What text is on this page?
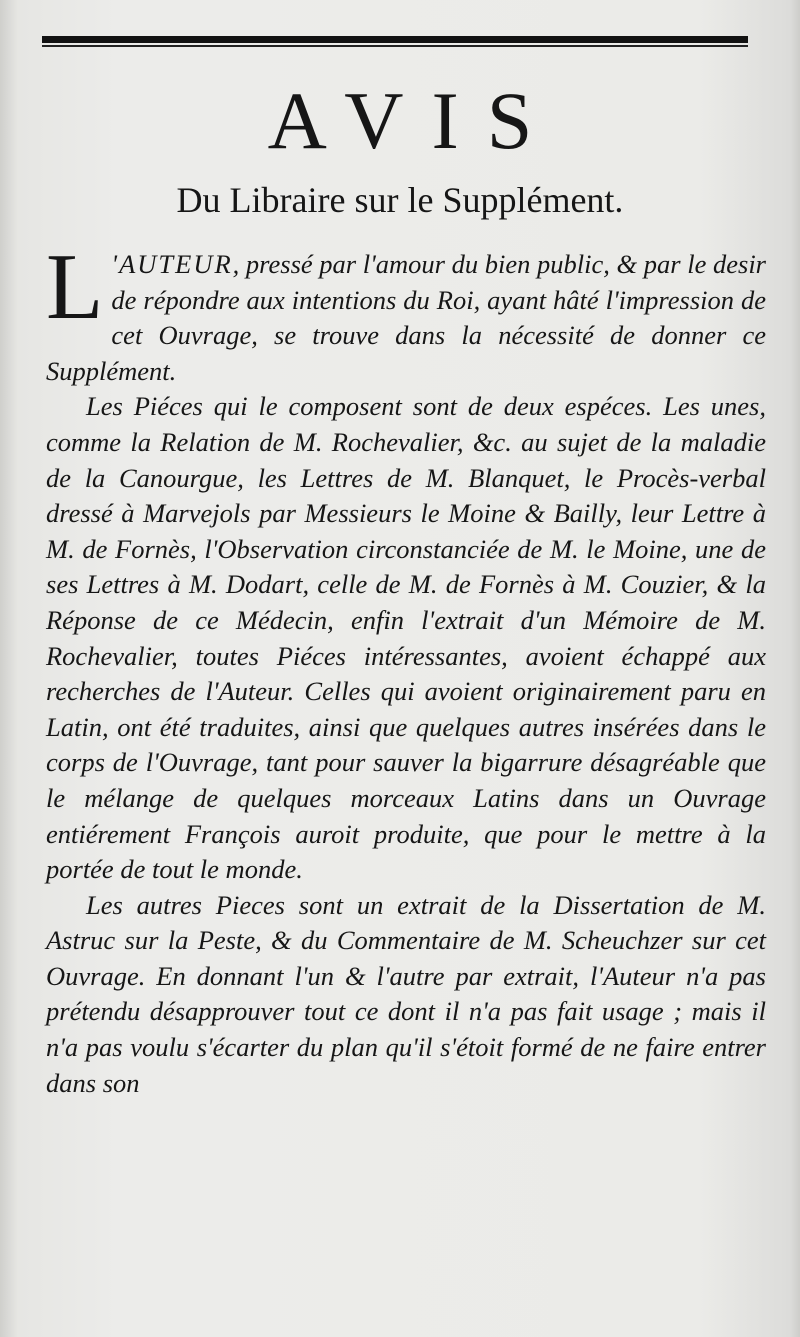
AVIS
Du Libraire sur le Supplément.

L 'AUTEUR, pressé par l'amour du bien public, & par le desir de répondre aux intentions du Roi, ayant hâté l'impression de cet Ouvrage, se trouve dans la nécessité de donner ce Supplément.

Les Piéces qui le composent sont de deux espéces. Les unes, comme la Relation de M. Rochevalier, &c. au sujet de la maladie de la Canourgue, les Lettres de M. Blanquet, le Procès-verbal dressé à Marvejols par Messieurs le Moine & Bailly, leur Lettre à M. de Fornès, l'Observation circonstanciée de M. le Moine, une de ses Lettres à M. Dodart, celle de M. de Fornès à M. Couzier, & la Réponse de ce Médecin, enfin l'extrait d'un Mémoire de M. Rochevalier, toutes Piéces intéressantes, avoient échappé aux recherches de l'Auteur. Celles qui avoient originairement paru en Latin, ont été traduites, ainsi que quelques autres insérées dans le corps de l'Ouvrage, tant pour sauver la bigarrure désagréable que le mélange de quelques morceaux Latins dans un Ouvrage entiérement François auroit produite, que pour le mettre à la portée de tout le monde.

Les autres Pieces sont un extrait de la Dissertation de M. Astruc sur la Peste, & du Commentaire de M. Scheuchzer sur cet Ouvrage. En donnant l'un & l'autre par extrait, l'Auteur n'a pas prétendu désapprouver tout ce dont il n'a pas fait usage ; mais il n'a pas voulu s'écarter du plan qu'il s'étoit formé de ne faire entrer dans son
